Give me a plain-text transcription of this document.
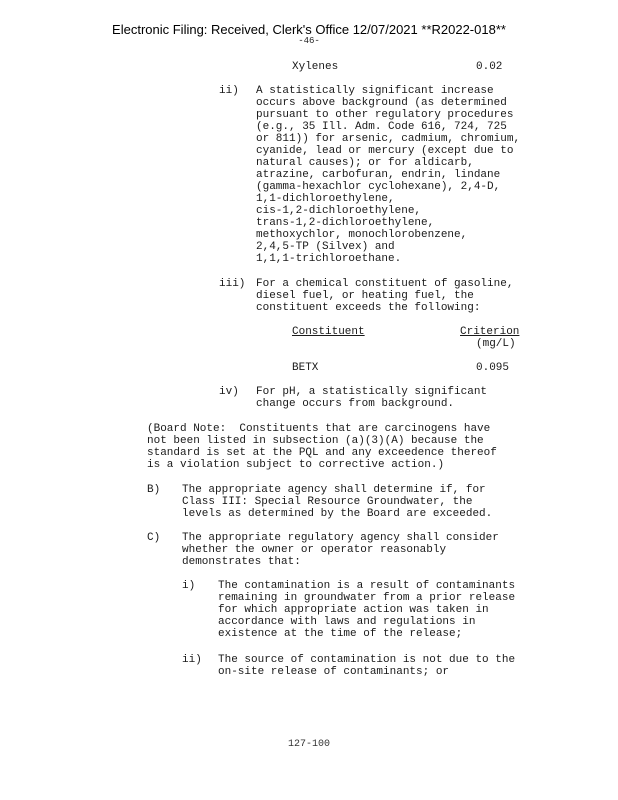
Electronic Filing: Received, Clerk's Office 12/07/2021 **R2022-018**
-46-
Xylenes	0.02
ii) A statistically significant increase
occurs above background (as determined
pursuant to other regulatory procedures
(e.g., 35 Ill. Adm. Code 616, 724, 725
or 811)) for arsenic, cadmium, chromium,
cyanide, lead or mercury (except due to
natural causes); or for aldicarb,
atrazine, carbofuran, endrin, lindane
(gamma-hexachlor cyclohexane), 2,4-D,
1,1-dichloroethylene,
cis-1,2-dichloroethylene,
trans-1,2-dichloroethylene,
methoxychlor, monochlorobenzene,
2,4,5-TP (Silvex) and
1,1,1-trichloroethane.
iii) For a chemical constituent of gasoline,
diesel fuel, or heating fuel, the
constituent exceeds the following:
Constituent	Criterion
(mg/L)
BETX	0.095
iv) For pH, a statistically significant
change occurs from background.
(Board Note:  Constituents that are carcinogens have
not been listed in subsection (a)(3)(A) because the
standard is set at the PQL and any exceedence thereof
is a violation subject to corrective action.)
B) The appropriate agency shall determine if, for
Class III: Special Resource Groundwater, the
levels as determined by the Board are exceeded.
C) The appropriate regulatory agency shall consider
whether the owner or operator reasonably
demonstrates that:
i) The contamination is a result of contaminants
remaining in groundwater from a prior release
for which appropriate action was taken in
accordance with laws and regulations in
existence at the time of the release;
ii) The source of contamination is not due to the
on-site release of contaminants; or
127-100
